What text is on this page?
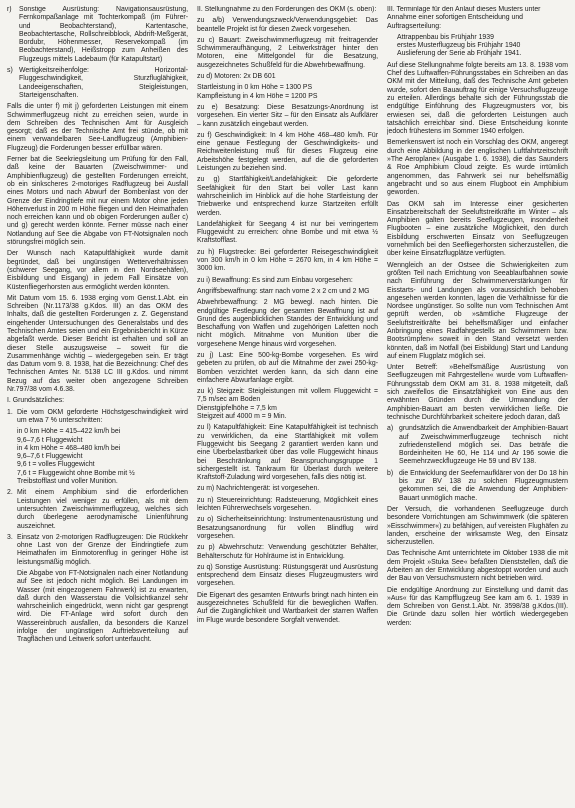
r)	Sonstige Ausrüstung: Navigationsausrüstung, Fernkompaßanlage mit Tochterkompaß (im Führer- und Beobachterstand), Kartentasche, Beobachtertasche, Rollschreibblock, Abdrift-Meßgerät, Bordubr, Höhenmesser, Reservekompaß (im Beobachterstand), Heißstropp zum Anheißen des Flugzeugs mittels Ladebaum (für Katapultstart)
s) Wertigkeitsreihenfolge: Horizontal-Fluggeschwindigkeit, Sturzfluglähigkeit, Landeeigenschaften, Steigleistungen, Starteigenschaften.

Falls die unter f) mit j) geforderten Leistungen mit einem Schwimmerflugzeug nicht zu erreichen seien, wurde in dem Schreiben des Technischen Amt für Ausgleich gesorgt; daß es der Technische Amt frei stünde, ob mit einem verwandelbaren See-Landflugzeug (Amphibien-Flugzeug) die Forderungen besser erfüllbar wären.

Ferner bat die Seekriegsleitung um Prüfung für den Fall, daß keine der Bauarten (Zweischwimmer- und Amphibienflugzeug) die gestellten Forderungen erreicht, ob ein sinkscheres 2-motoriges Radflugzeug bei Ausfall eines Motors und nach Abwurf der Bombenlast von der Grenze der Eindringtiefe mit nur einem Motor ohne jeden Höhenverlust in 200 m Höhe fliegen und den Heimathafen noch erreichen kann und ob obigen Forderungen außer c) und g) gerecht werden könnte. Ferner müsse nach einer Notlandung auf See die Abgabe von FT-Notsignalen noch störungsfrei möglich sein.

Der Wunsch nach Katapultfähigkeit wurde damit begründet, daß bei ungünstigen Wetterverhältnissen (schwerer Seegang, vor allem in den Nordseehäfen), Eisbildung und Eisgang) in jedem Fall Einsätze von Küstenfliegerhorsten aus ermöglicht werden könnten.

Mit Datum vom 15. 6. 1938 erging vom Genst.1.Abt. ein Schreiben (Nr.1173/38 g.Kdos. III) an das OKM des Inhalts, daß die gestellten Forderungen z. Z. Gegenstand eingehender Untersuchungen des Generalstabs und des Technischen Amtes seien und ein Ergebnisbericht in Kürze abgefaßt werde. Dieser Bericht ist erhalten und soll an dieser Stelle auszugsweise – soweit für die Zusammenhänge wichtig – wiedergegeben sein. Er trägt das Datum vom 9. 8. 1938, hat die Bezeichnung: Chef des Technischen Amtes Nr. 5138 LC III g.Kdos. und nimmt Bezug auf das weiter oben angezogene Schreiben Nr.797/38 vom 4.6.38.

I. Grundsätzliches:
1. Die vom OKM geforderte Höchstgeschwindigkeit wird um etwa 7 % unterschritten:
in 0 km Höhe = 415–422 km/h bei
9,6–7,6 t Fluggewicht
in 4 km Höhe = 468–480 km/h bei
9,6–7,6 t Fluggewicht
9,6 t = volles Fluggewicht
7,6 t = Fluggewicht ohne Bombe mit ½
Treibstofflast und voller Munition.
2. Mit einem Amphibium sind die erforderlichen Leistungen viel weniger zu erfüllen, als mit dem untersuchten Zweischwimmerflugzeug, welches sich durch überlegene aerodynamische Linienführung auszeichnet.
3. Einsatz von 2-motorigen Radflugzeugen: Die Rückkehr ohne Last von der Grenze der Eindringtiefe zum Heimathafen im Einmotorenflug in geringer Höhe ist leistungsmäßig möglich.

Die Abgabe von FT-Notsignalen nach einer Notlandung auf See ist jedoch nicht möglich. Bei Landungen im Wasser (mit eingezogenem Fahrwerk) ist zu erwarten, daß durch den Wasserstau die Vollsichtkanzel sehr wahrscheinlich eingedrückt, wenn nicht gar gesprengt wird. Die FT-Anlage wird sofort durch den Wassereinbruch ausfallen, da besonders die Kanzel infolge der ungünstigen Auftriebsverteilung auf Tragflächen und Leitwerk sofort unterfaucht.

II. Stellungnahme zu den Forderungen des OKM (s. oben):

zu a/b) Verwendungszweck/Verwendungsgebiet: Das beantelle Projekt ist für diesen Zweck vorgesehen.

zu c) Bauart: Zweischwimmerflugzeug mit freitragender Schwimmeraufhängung, 2 Leitwerksträger hinter den Motoren, eine Mittelgondel für die Besatzung, ausgezeichnetes Schußfeld für die Abwehrbewaffnung.

zu d) Motoren: 2x DB 601

Startleistung in 0 km Höhe = 1300 PS
Kampfleistung in 4 km Höhe = 1200 PS

zu e) Besatzung: Diese Besatzungs-Anordnung ist vorgesehen. Ein vierter Sitz – für den Einsatz als Aufklärer – kann zusätzlich eingebaut werden.

zu f) Geschwindigkeit: In 4 km Höhe 468–480 km/h. Für eine genaue Festlegung der Geschwindigkeits- und Reichweitenleistung muß für dieses Flugzeug eine Arbeitshöhe festgelegt werden, auf die die geforderten Leistungen zu beziehen sind.

zu g) Startfähigkeit/Landefähigkeit: Die geforderte Seefähigkeit für den Start bei voller Last kann wahrscheinlich im Hinblick auf die hohe Startleistung der Triebwerke und entsprechend kurze Startzeiten erfüllt werden.

Landefähigkeit für Seegang 4 ist nur bei verringertem Fluggewicht zu erreichen: ohne Bombe und mit etwa ½ Kraftstofflast.

zu h) Flugstrecke: Bei geforderter Reisegeschwindigkeit von 300 km/h in 0 km Höhe = 2670 km, in 4 km Höhe = 3000 km.

zu i) Bewaffnung: Es sind zum Einbau vorgesehen:

Angriffsbewaffnung: starr nach vorne 2 x 2 cm und 2 MG

Abwehrbewaffnung: 2 MG bewegl. nach hinten. Die endgültige Festlegung der gesamten Bewaffnung ist auf Grund des augenblicklichen Standes der Entwicklung und Beschaffung von Waffen und zugehörigen Lafetten noch nicht möglich. Mitnahme von Munition über die vorgesehene Menge hinaus wird vorgesehen.

zu j) Last: Eine 500-kg-Bombe vorgesehen. Es wird gebeten zu prüfen, ob auf die Mitnahme der zwei 250-kg-Bomben verzichtet werden kann, da sich dann eine einfachere Abwurfanlage ergibt.

zu k) Steigzeit: Steigleistungen mit vollem Fluggewicht = 7,5 m/sec am Boden
Dienstgipfelhöhe = 7,5 km
Steigzeit auf 4000 m = 9 Min.

zu l) Katapultfähigkeit: Eine Katapultfähigkeit ist technisch zu verwirklichen, da eine Startfähigkeit mit vollem Fluggewicht bis Seegang 2 garantiert werden kann und eine Überbelastbarkeit über das volle Fluggewicht hinaus bei Beschränkung auf Beanspruchungsgruppe 1 sichergestellt ist. Tankraum für Überlast durch weitere Kraftstoff-Zuladung wird vorgesehen, falls dies nötig ist.

zu m) Nachrichtengerät: ist vorgesehen.

zu n) Steuereinrichtung: Radsteuerung, Möglichkeit eines leichten Führerwechsels vorgesehen.

zu o) Sicherheitseinrichtung: Instrumentenausrüstung und Besatzungsanordnung für vollen Blindflug wird vorgesehen.

zu p) Abwehrschutz: Verwendung geschützter Behälter, Behälterschutz für Hohlräume ist in Entwicklung.

zu q) Sonstige Ausrüstung: Rüstungsgerät und Ausrüstung entsprechend dem Einsatz dieses Flugzeugmusters wird vorgesehen.

Die Eigenart des gesamten Entwurfs bringt nach hinten ein ausgezeichnetes Schußfeld für die beweglichen Waffen. Auf die Zugänglichkeit und Wartbarkeit der starren Waffen im Fluge wurde besondere Sorgfalt verwendet.

III. Terminlage für den Anlauf dieses Musters unter Annahme einer sofortigen Entscheidung und Auftragserteilung:
Attrappenbau bis Frühjahr 1939
erstes Musterflugzeug bis Frühjahr 1940
Auslieferung der Serie ab Frühjahr 1941.

Auf diese Stellungnahme folgte bereits am 13. 8. 1938 vom Chef des Luftwaffen-Führungsstabes ein Schreiben an das OKM mit der Mitteilung, daß des Technische Amt gebeten wurde, sofort den Bauauftrag für einige Versuchsflugzeuge zu erteilen. Allerdings behalte sich der Führungsstab die endgültige Einführung des Flugzeugmusters vor, bis erwiesen sei, daß die geforderten Leistungen auch tatsächlich erreichbar sind. Diese Entscheidung konnte jedoch frühestens im Sommer 1940 erfolgen.

Bemerkenswert ist noch ein Vorschlag des OKM, angeregt durch eine Abbildung in der englischen Luftfahrtzeitschrift »The Aeroplane« (Ausgabe 1. 6. 1938), die das Saunders & Roe Amphibium Cloud zeigte. Es wurde irrtümlich angenommen, das Fahrwerk sei nur behelfsmäßig angebracht und so aus einem Flugboot ein Amphibium geworden.

Das OKM sah im Interesse einer gesicherten Einsatzbereitschaft der Seeluftstreitkräfte im Winter – als Amphibien galten bereits Seeflugzeugen, insonderheit Flugbooten – eine zusätzliche Möglichkeit, den durch Eisbildung erschwerten Einsatz von Seeflugzeugen vornehmlich bei den Seefliegerhorsten sicherzustellen, die über keine Einsatzflugplätze verfügten.

Wenngleich an der Ostsee die Schwierigkeiten zum größten Teil nach Errichtung von Seeablaufbahnen sowie nach Einführung der Schwimmerverstärkungen für Eisstarts- und Landungen als voraussichtlich behoben angesehen werden konnten, lagen die Verhältnisse für die Nordsee ungünstiger. So sollte nun vom Technischen Amt geprüft werden, ob »sämtliche Flugzeuge der Seeluftstreitkräfte bei behelfsmäßiger und einfacher Anbringung eines Radfahrgestells an Schwimmern bzw. Bootsrümpfen« soweit in den Stand versetzt werden könnten, daß im Notfall (bei Eisbildung) Start und Landung auf einem Flugplatz möglich sei.

Unter Betreff: »Behelfsmäßige Ausrüstung von Seeflugzeugen mit Fahrgestellen« wurde vom Luftwaffen-Führungsstab dem OKM am 31. 8. 1938 mitgeteilt, daß sich zweifellos die Einsatzfähigkeit von Eine aus den erwähnten Gründen durch die Umwandlung der Amphibien-Bauart am besten verwirklichen ließe. Die technische Durchführbarkeit scheitere jedoch daran, daß

a) grundsätzlich die Anwendbarkeit der Amphibien-Bauart auf Zweischwimmerflugzeuge technisch nicht zufriedenstellend möglich sei. Das beträfe die Bordeinheiten He 60, He 114 und Ar 196 sowie die Seemehrzweckflugzeuge He 59 und BV 138.
b) die Entwicklung der Seefernaufklärer von der Do 18 hin bis zur BV 138 zu solchen Flugzeugmustern gekommen sei, die die Anwendung der Amphibien-Bauart unmöglich mache.

Der Versuch, die vorhandenen Seeflugzeuge durch besondere Vorrichtungen am Schwimmwerk (die späteren »Eisschwimmer«) zu befähigen, auf vereisten Flughäfen zu landen, erscheine der wirksamste Weg, den Einsatz sicherzustellen.

Das Technische Amt unterrichtete im Oktober 1938 die mit dem Projekt »Stuka See« befaßten Dienststellen, daß die Arbeiten an der Entwicklung abgestoppt worden und auch der Bau von Versuchsmustern nicht betrieben wird.

Die endgültige Anordnung zur Einstellung und damit das »Aus« für das Kampfflugzeug See kam am 6. 1. 1939 in dem Schreiben von Genst.1.Abt. Nr. 3598/38 g.Kdos.(III). Die Gründe dazu sollen hier wörtlich wiedergegeben werden:
